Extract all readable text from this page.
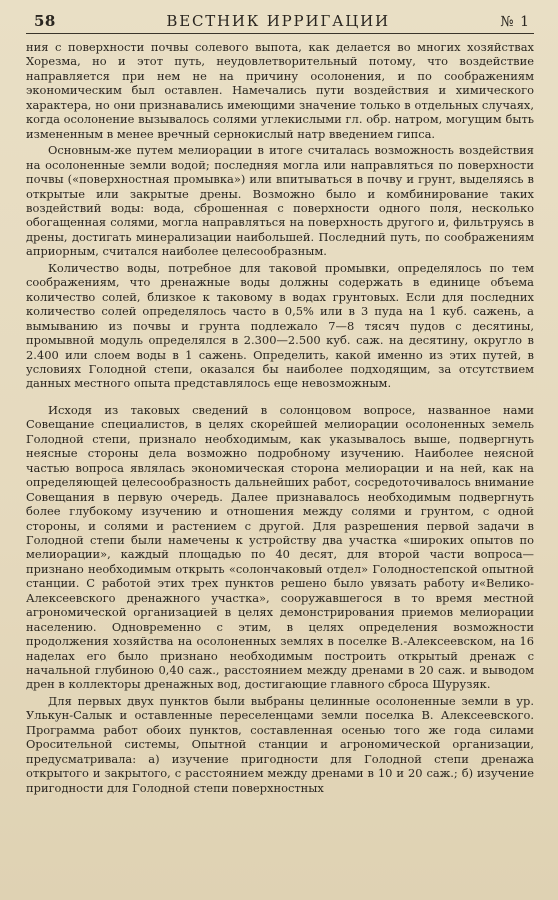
58	ВЕСТНИК ИРРИГАЦИИ	№ 1

ния с поверхности почвы солевого выпота, как делается во многих хозяйствах Хорезма, но и этот путь, неудовлетворительный потому, что воздействие направляется при нем не на причину осолонения, и по соображениям экономическим был оставлен. Намечались пути воздействия и химического характера, но они признавались имеющими значение только в отдельных случаях, когда осолонение вызывалось солями углекислыми гл. обр. натром, могущим быть измененным в менее вречный сернокислый натр введением гипса.

Основным-же путем мелиорации в итоге считалась возможность воздействия на осолоненные земли водой; последняя могла или направляться по поверхности почвы («поверхностная промывка») или впитываться в почву и грунт, выделяясь в открытые или закрытые дрены. Возможно было и комбинирование таких воздействий воды: вода, сброшенная с поверхности одного поля, несколько обогащенная солями, могла направляться на поверхность другого и, фильтруясь в дрены, достигать минерализации наибольшей. Последний путь, по соображениям априорным, считался наиболее целесообразным.

Количество воды, потребное для таковой промывки, определялось по тем соображениям, что дренажные воды должны содержать в единице объема количество солей, близкое к таковому в водах грунтовых. Если для последних количество солей определялось часто в 0,5% или в 3 пуда на 1 куб. сажень, а вымыванию из почвы и грунта подлежало 7—8 тясяч пудов с десятины, промывной модуль определялся в 2.300—2.500 куб. саж. на десятину, округло в 2.400 или слоем воды в 1 сажень. Определить, какой именно из этих путей, в условиях Голодной степи, оказался бы наиболее подходящим, за отсутствием данных местного опыта представлялось еще невозможным.

Исходя из таковых сведений в солонцовом вопросе, названное нами Совещание специалистов, в целях скорейшей мелиорации осолоненных земель Голодной степи, признало необходимым, как указывалось выше, подвергнуть неясные стороны дела возможно подробному изучению. Наиболее неясной частью вопроса являлась экономическая сторона мелиорации и на ней, как на определяющей целесообразность дальнейших работ, сосредоточивалось внимание Совещания в первую очередь. Далее признавалось необходимым подвергнуть более глубокому изучению и отношения между солями и грунтом, с одной стороны, и солями и растением с другой. Для разрешения первой задачи в Голодной степи были намечены к устройству два участка «широких опытов по мелиорации», каждый площадью по 40 десят, для второй части вопроса—признано необходимым открыть «солончаковый отдел» Голодностепской опытной станции. С работой этих трех пунктов решено было увязать работу и«Велико-Алексеевского дренажного участка», сооружавшегося в то время местной агрономической организацией в целях демонстрирования приемов мелиорации населению. Одновременно с этим, в целях определения возможности продолжения хозяйства на осолоненных землях в поселке В.-Алексеевском, на 16 наделах его было признано необходимым построить открытый дренаж с начальной глубиною 0,40 саж., расстоянием между дренами в 20 саж. и выводом дрен в коллекторы дренажных вод, достигающие главного сброса Шурузяк.

Для первых двух пунктов были выбраны целинные осолоненные земли в ур. Улькун-Салык и оставленные переселенцами земли поселка В. Алексеевского. Программа работ обоих пунктов, составленная осенью того же года силами Оросительной системы, Опытной станции и агрономической организации, предусматривала: а) изучение пригодности для Голодной степи дренажа открытого и закрытого, с расстоянием между дренами в 10 и 20 саж.; б) изучение пригодности для Голодной степи поверхностных
